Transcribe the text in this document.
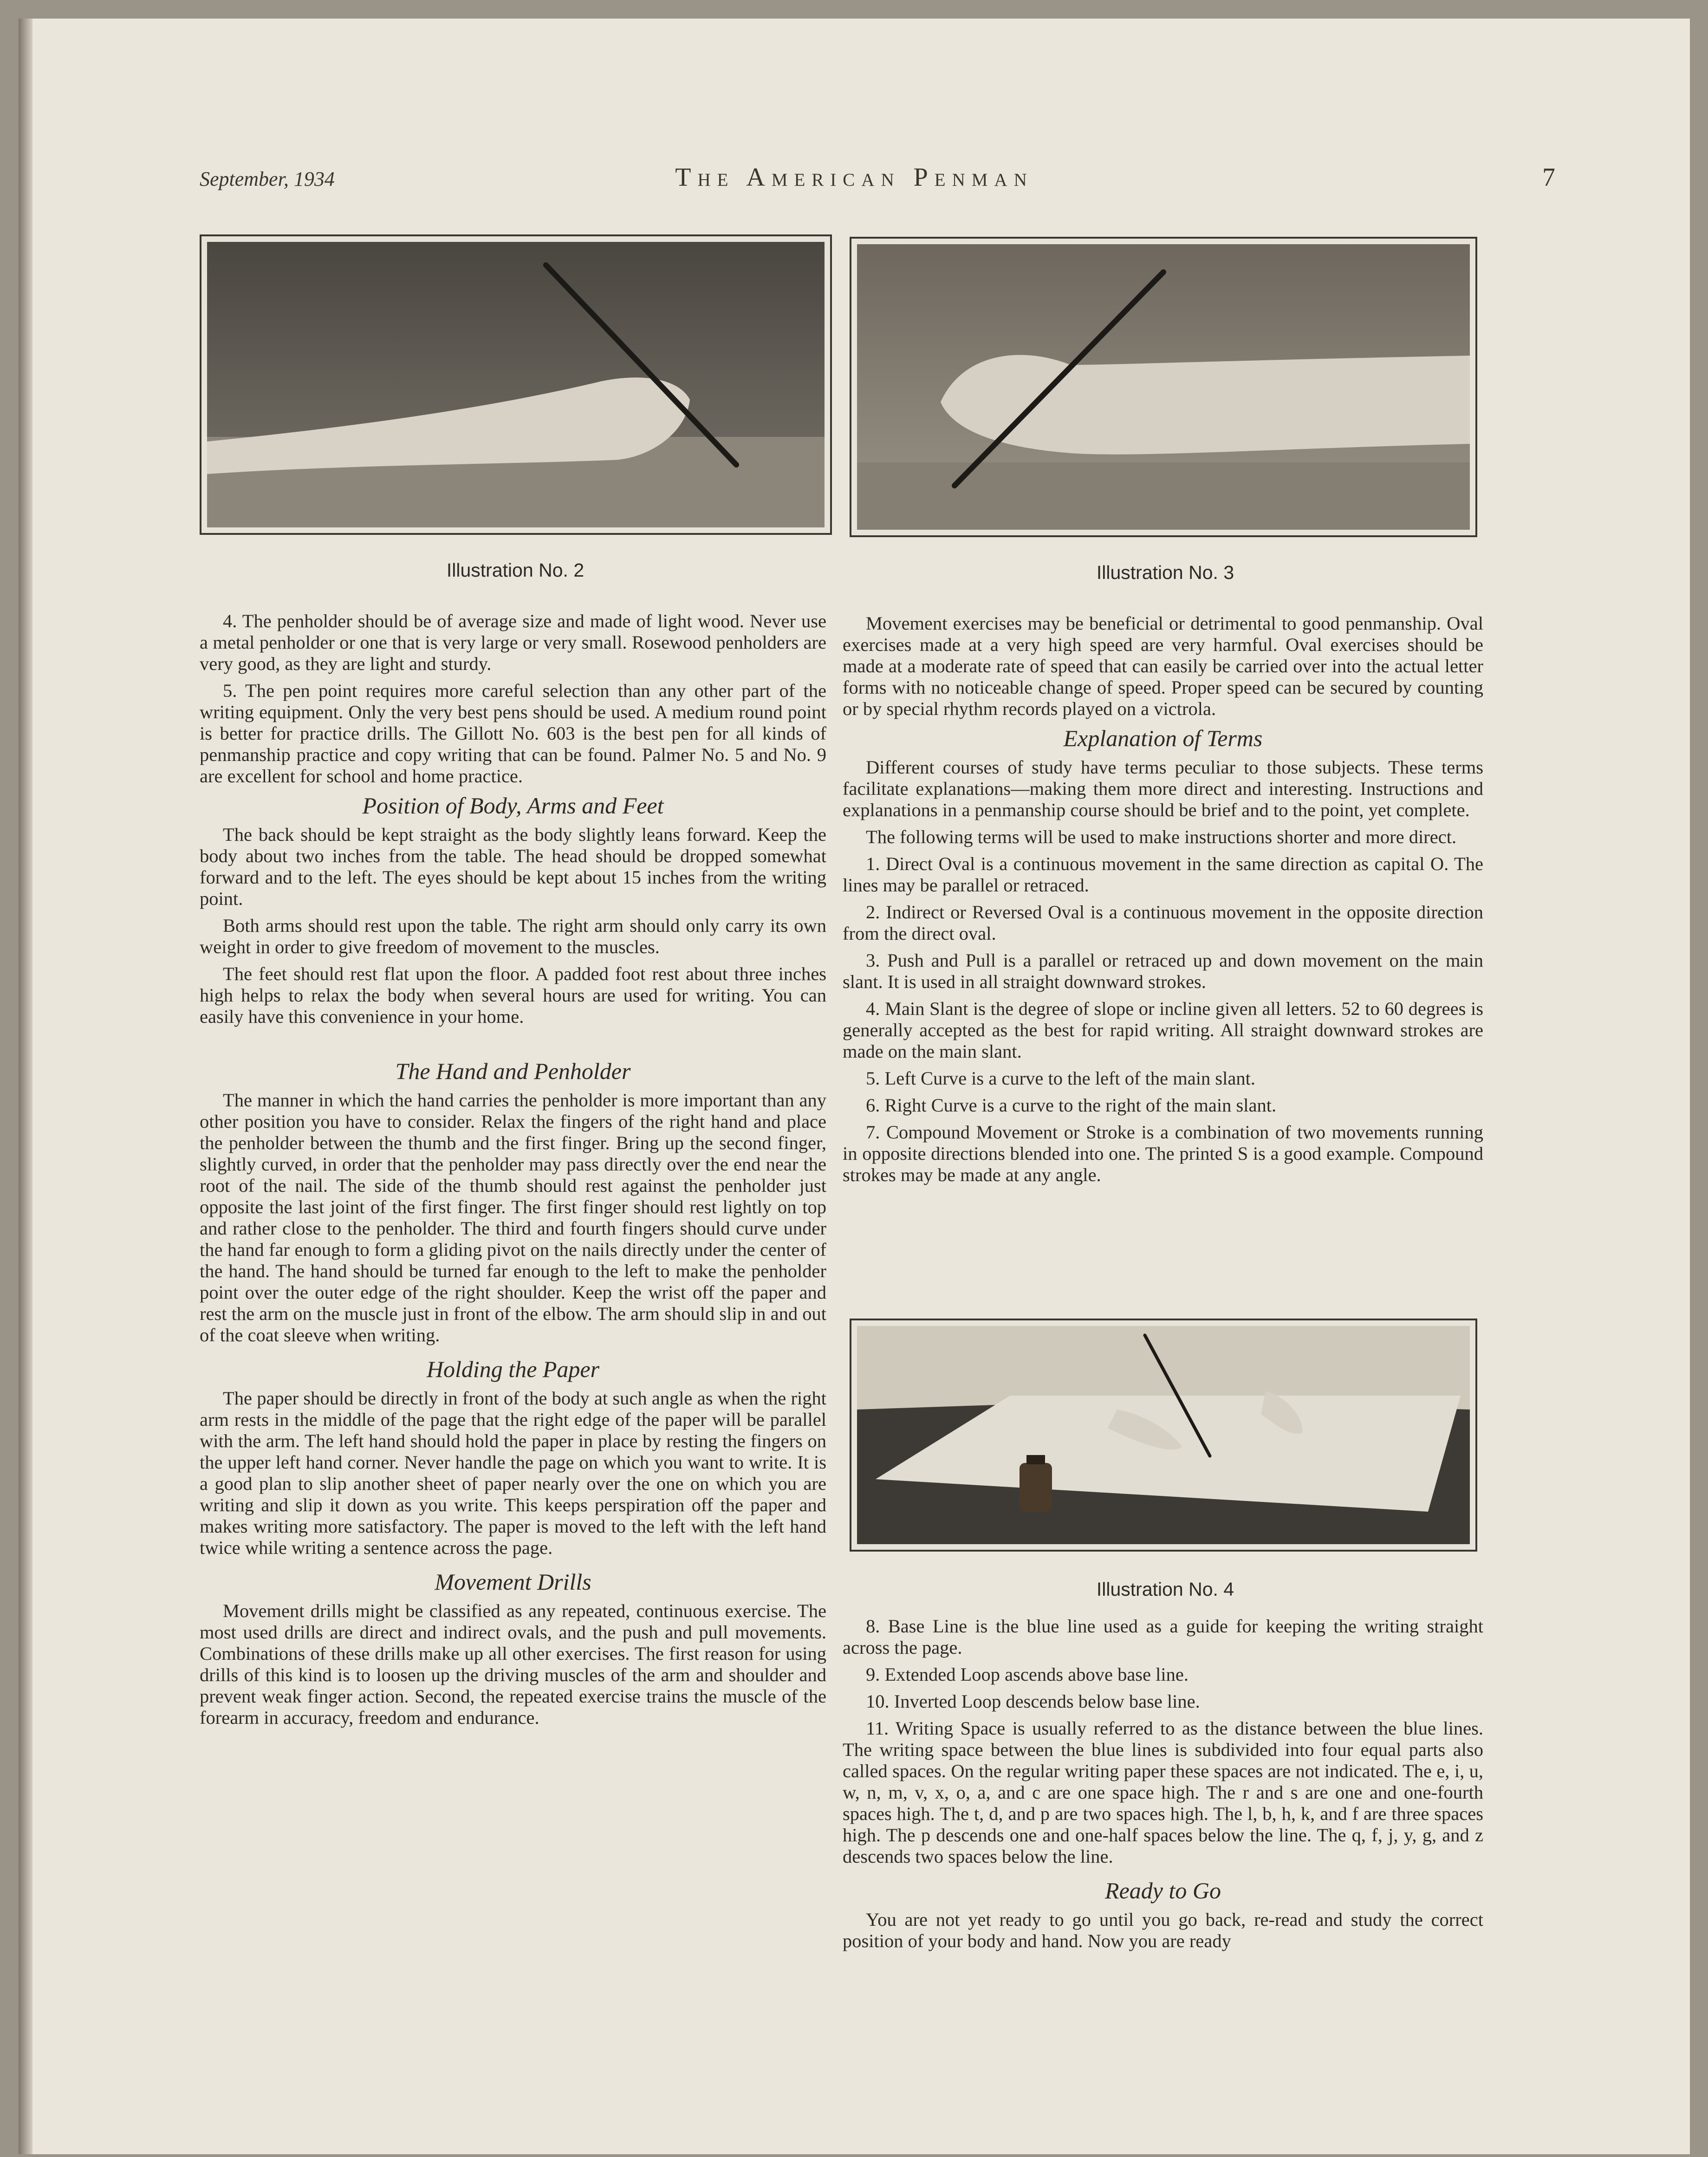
September, 1934	The American Penman	7
Illustration No. 2	Illustration No. 3

4. The penholder should be of average size and made of light wood. Never use a metal penholder or one that is very large or very small. Rosewood penholders are very good, as they are light and sturdy.

5. The pen point requires more careful selection than any other part of the writing equipment. Only the very best pens should be used. A medium round point is better for practice drills. The Gillott No. 603 is the best pen for all kinds of penmanship practice and copy writing that can be found. Palmer No. 5 and No. 9 are excellent for school and home practice.

Position of Body, Arms and Feet

The back should be kept straight as the body slightly leans forward. Keep the body about two inches from the table. The head should be dropped somewhat forward and to the left. The eyes should be kept about 15 inches from the writing point.

Both arms should rest upon the table. The right arm should only carry its own weight in order to give freedom of movement to the muscles.

The feet should rest flat upon the floor. A padded foot rest about three inches high helps to relax the body when several hours are used for writing. You can easily have this convenience in your home.

The Hand and Penholder

The manner in which the hand carries the penholder is more important than any other position you have to consider. Relax the fingers of the right hand and place the penholder between the thumb and the first finger. Bring up the second finger, slightly curved, in order that the penholder may pass directly over the end near the root of the nail. The side of the thumb should rest against the penholder just opposite the last joint of the first finger. The first finger should rest lightly on top and rather close to the penholder. The third and fourth fingers should curve under the hand far enough to form a gliding pivot on the nails directly under the center of the hand. The hand should be turned far enough to the left to make the penholder point over the outer edge of the right shoulder. Keep the wrist off the paper and rest the arm on the muscle just in front of the elbow. The arm should slip in and out of the coat sleeve when writing.

Holding the Paper

The paper should be directly in front of the body at such angle as when the right arm rests in the middle of the page that the right edge of the paper will be parallel with the arm. The left hand should hold the paper in place by resting the fingers on the upper left hand corner. Never handle the page on which you want to write. It is a good plan to slip another sheet of paper nearly over the one on which you are writing and slip it down as you write. This keeps perspiration off the paper and makes writing more satisfactory. The paper is moved to the left with the left hand twice while writing a sentence across the page.

Movement Drills

Movement drills might be classified as any repeated, continuous exercise. The most used drills are direct and indirect ovals, and the push and pull movements. Combinations of these drills make up all other exercises. The first reason for using drills of this kind is to loosen up the driving muscles of the arm and shoulder and prevent weak finger action. Second, the repeated exercise trains the muscle of the forearm in accuracy, freedom and endurance.

Movement exercises may be beneficial or detrimental to good penmanship. Oval exercises made at a very high speed are very harmful. Oval exercises should be made at a moderate rate of speed that can easily be carried over into the actual letter forms with no noticeable change of speed. Proper speed can be secured by counting or by special rhythm records played on a victrola.

Explanation of Terms

Different courses of study have terms peculiar to those subjects. These terms facilitate explanations—making them more direct and interesting. Instructions and explanations in a penmanship course should be brief and to the point, yet complete.

The following terms will be used to make instructions shorter and more direct.

1. Direct Oval is a continuous movement in the same direction as capital O. The lines may be parallel or retraced.

2. Indirect or Reversed Oval is a continuous movement in the opposite direction from the direct oval.

3. Push and Pull is a parallel or retraced up and down movement on the main slant. It is used in all straight downward strokes.

4. Main Slant is the degree of slope or incline given all letters. 52 to 60 degrees is generally accepted as the best for rapid writing. All straight downward strokes are made on the main slant.

5. Left Curve is a curve to the left of the main slant.

6. Right Curve is a curve to the right of the main slant.

7. Compound Movement or Stroke is a combination of two movements running in opposite directions blended into one. The printed S is a good example. Compound strokes may be made at any angle.

Illustration No. 4

8. Base Line is the blue line used as a guide for keeping the writing straight across the page.

9. Extended Loop ascends above base line.

10. Inverted Loop descends below base line.

11. Writing Space is usually referred to as the distance between the blue lines. The writing space between the blue lines is subdivided into four equal parts also called spaces. On the regular writing paper these spaces are not indicated. The e, i, u, w, n, m, v, x, o, a, and c are one space high. The r and s are one and one-fourth spaces high. The t, d, and p are two spaces high. The l, b, h, k, and f are three spaces high. The p descends one and one-half spaces below the line. The q, f, j, y, g, and z descends two spaces below the line.

Ready to Go

You are not yet ready to go until you go back, re-read and study the correct position of your body and hand. Now you are ready
